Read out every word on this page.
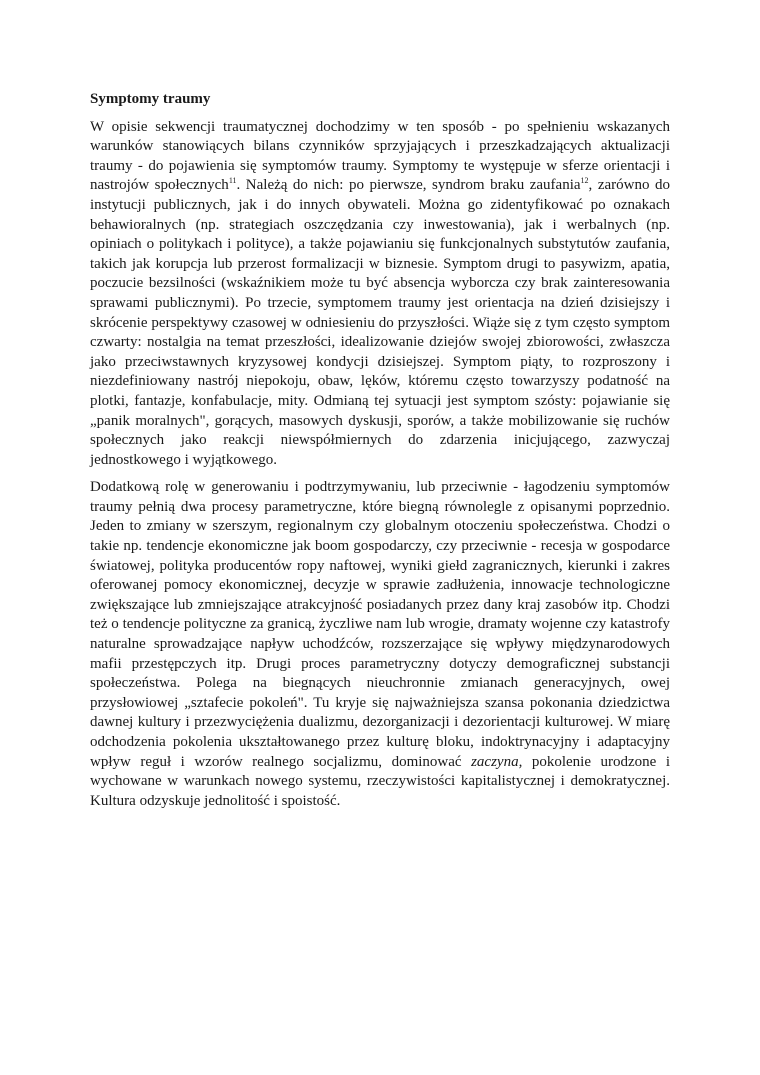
Symptomy traumy

W opisie sekwencji traumatycznej dochodzimy w ten sposób - po spełnieniu wskazanych warunków stanowiących bilans czynników sprzyjających i przeszkadzających aktualizacji traumy - do pojawienia się symptomów traumy. Symptomy te występuje w sferze orientacji i nastrojów społecznych$^{11}$. Należą do nich: po pierwsze, syndrom braku zaufania$^{12}$, zarówno do instytucji publicznych, jak i do innych obywateli. Można go zidentyfikować po oznakach behawioralnych (np. strategiach oszczędzania czy inwestowania), jak i werbalnych (np. opiniach o politykach i polityce), a także pojawianiu się funkcjonalnych substytutów zaufania, takich jak korupcja lub przerost formalizacji w biznesie. Symptom drugi to pasywizm, apatia, poczucie bezsilności (wskaźnikiem może tu być absencja wyborcza czy brak zainteresowania sprawami publicznymi). Po trzecie, symptomem traumy jest orientacja na dzień dzisiejszy i skrócenie perspektywy czasowej w odniesieniu do przyszłości. Wiąże się z tym często symptom czwarty: nostalgia na temat przeszłości, idealizowanie dziejów swojej zbiorowości, zwłaszcza jako przeciwstawnych kryzysowej kondycji dzisiejszej. Symptom piąty, to rozproszony i niezdefiniowany nastrój niepokoju, obaw, lęków, któremu często towarzyszy podatność na plotki, fantazje, konfabulacje, mity. Odmianą tej sytuacji jest symptom szósty: pojawianie się „panik moralnych", gorących, masowych dyskusji, sporów, a także mobilizowanie się ruchów społecznych jako reakcji niewspółmiernych do zdarzenia inicjującego, zazwyczaj jednostkowego i wyjątkowego.

Dodatkową rolę w generowaniu i podtrzymywaniu, lub przeciwnie - łagodzeniu symptomów traumy pełnią dwa procesy parametryczne, które biegną równolegle z opisanymi poprzednio. Jeden to zmiany w szerszym, regionalnym czy globalnym otoczeniu społeczeństwa. Chodzi o takie np. tendencje ekonomiczne jak boom gospodarczy, czy przeciwnie - recesja w gospodarce światowej, polityka producentów ropy naftowej, wyniki giełd zagranicznych, kierunki i zakres oferowanej pomocy ekonomicznej, decyzje w sprawie zadłużenia, innowacje technologiczne zwiększające lub zmniejszające atrakcyjność posiadanych przez dany kraj zasobów itp. Chodzi też o tendencje polityczne za granicą, życzliwe nam lub wrogie, dramaty wojenne czy katastrofy naturalne sprowadzające napływ uchodźców, rozszerzające się wpływy międzynarodowych mafii przestępczych itp. Drugi proces parametryczny dotyczy demograficznej substancji społeczeństwa. Polega na biegnących nieuchronnie zmianach generacyjnych, owej przysłowiowej „sztafecie pokoleń". Tu kryje się najważniejsza szansa pokonania dziedzictwa dawnej kultury i przezwyciężenia dualizmu, dezorganizacji i dezorientacji kulturowej. W miarę odchodzenia pokolenia ukształtowanego przez kulturę bloku, indoktrynacyjny i adaptacyjny wpływ reguł i wzorów realnego socjalizmu, dominować zaczyna, pokolenie urodzone i wychowane w warunkach nowego systemu, rzeczywistości kapitalistycznej i demokratycznej. Kultura odzyskuje jednolitość i spoistość.
